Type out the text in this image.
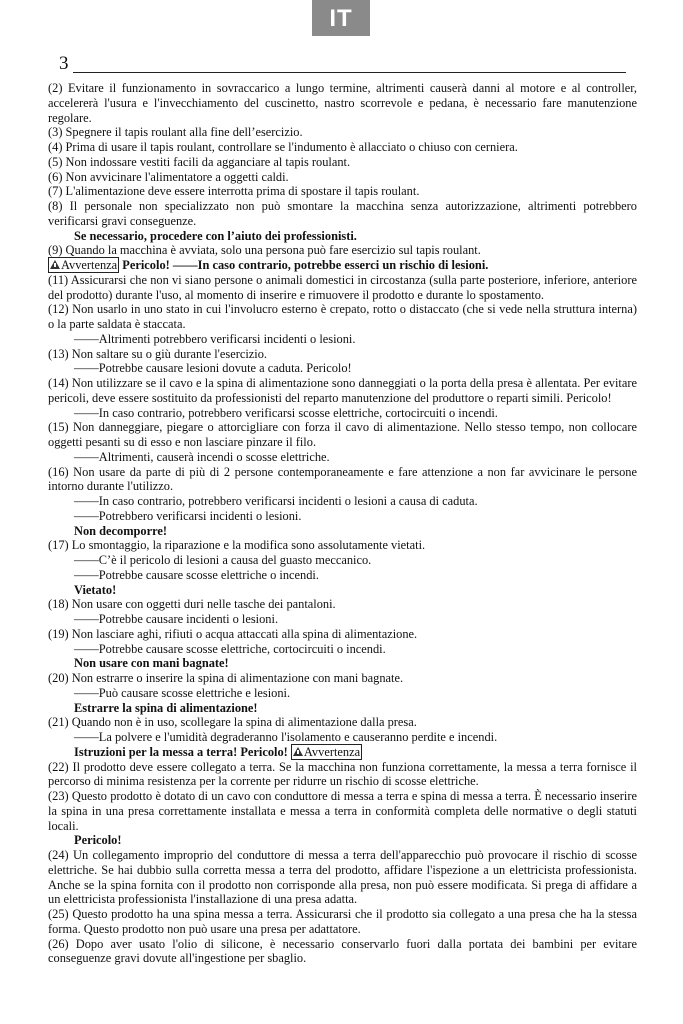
IT
3

(2) Evitare il funzionamento in sovraccarico a lungo termine, altrimenti causerà danni al motore e al controller, accelererà l'usura e l'invecchiamento del cuscinetto, nastro scorrevole e pedana, è necessario fare manutenzione regolare.

(3) Spegnere il tapis roulant alla fine dell’esercizio.

(4) Prima di usare il tapis roulant, controllare se l'indumento è allacciato o chiuso con cerniera.

(5) Non indossare vestiti facili da agganciare al tapis roulant.

(6) Non avvicinare l'alimentatore a oggetti caldi.

(7) L'alimentazione deve essere interrotta prima di spostare il tapis roulant.

(8) Il personale non specializzato non può smontare la macchina senza autorizzazione, altrimenti potrebbero verificarsi gravi conseguenze.

Se necessario, procedere con l’aiuto dei professionisti.

(9) Quando la macchina è avviata, solo una persona può fare esercizio sul tapis roulant.

Avvertenza Pericolo! ——In caso contrario, potrebbe esserci un rischio di lesioni.

(11) Assicurarsi che non vi siano persone o animali domestici in circostanza (sulla parte posteriore, inferiore, anteriore del prodotto) durante l'uso, al momento di inserire e rimuovere il prodotto e durante lo spostamento.

(12) Non usarlo in uno stato in cui l'involucro esterno è crepato, rotto o distaccato (che si vede nella struttura interna) o la parte saldata è staccata.

——Altrimenti potrebbero verificarsi incidenti o lesioni.

(13) Non saltare su o giù durante l'esercizio.

——Potrebbe causare lesioni dovute a caduta. Pericolo!

(14) Non utilizzare se il cavo e la spina di alimentazione sono danneggiati o la porta della presa è allentata. Per evitare pericoli, deve essere sostituito da professionisti del reparto manutenzione del produttore o reparti simili. Pericolo!

——In caso contrario, potrebbero verificarsi scosse elettriche, cortocircuiti o incendi.

(15) Non danneggiare, piegare o attorcigliare con forza il cavo di alimentazione. Nello stesso tempo, non collocare oggetti pesanti su di esso e non lasciare pinzare il filo.

——Altrimenti, causerà incendi o scosse elettriche.

(16) Non usare da parte di più di 2 persone contemporaneamente e fare attenzione a non far avvicinare le persone intorno durante l'utilizzo.

——In caso contrario, potrebbero verificarsi incidenti o lesioni a causa di caduta.

——Potrebbero verificarsi incidenti o lesioni.

Non decomporre!

(17) Lo smontaggio, la riparazione e la modifica sono assolutamente vietati.

——C’è il pericolo di lesioni a causa del guasto meccanico.

——Potrebbe causare scosse elettriche o incendi.

Vietato!

(18) Non usare con oggetti duri nelle tasche dei pantaloni.

——Potrebbe causare incidenti o lesioni.

(19) Non lasciare aghi, rifiuti o acqua attaccati alla spina di alimentazione.

——Potrebbe causare scosse elettriche, cortocircuiti o incendi.

Non usare con mani bagnate!

(20) Non estrarre o inserire la spina di alimentazione con mani bagnate.

——Può causare scosse elettriche e lesioni.

Estrarre la spina di alimentazione!

(21) Quando non è in uso, scollegare la spina di alimentazione dalla presa.

——La polvere e l'umidità degraderanno l'isolamento e causeranno perdite e incendi.

Istruzioni per la messa a terra! Pericolo! Avvertenza

(22) Il prodotto deve essere collegato a terra. Se la macchina non funziona correttamente, la messa a terra fornisce il percorso di minima resistenza per la corrente per ridurre un rischio di scosse elettriche.

(23) Questo prodotto è dotato di un cavo con conduttore di messa a terra e spina di messa a terra. È necessario inserire la spina in una presa correttamente installata e messa a terra in conformità completa delle normative o degli statuti locali.

Pericolo!

(24) Un collegamento improprio del conduttore di messa a terra dell'apparecchio può provocare il rischio di scosse elettriche. Se hai dubbio sulla corretta messa a terra del prodotto, affidare l'ispezione a un elettricista professionista. Anche se la spina fornita con il prodotto non corrisponde alla presa, non può essere modificata. Si prega di affidare a un elettricista professionista l'installazione di una presa adatta.

(25) Questo prodotto ha una spina messa a terra. Assicurarsi che il prodotto sia collegato a una presa che ha la stessa forma. Questo prodotto non può usare una presa per adattatore.

(26) Dopo aver usato l'olio di silicone, è necessario conservarlo fuori dalla portata dei bambini per evitare conseguenze gravi dovute all'ingestione per sbaglio.
